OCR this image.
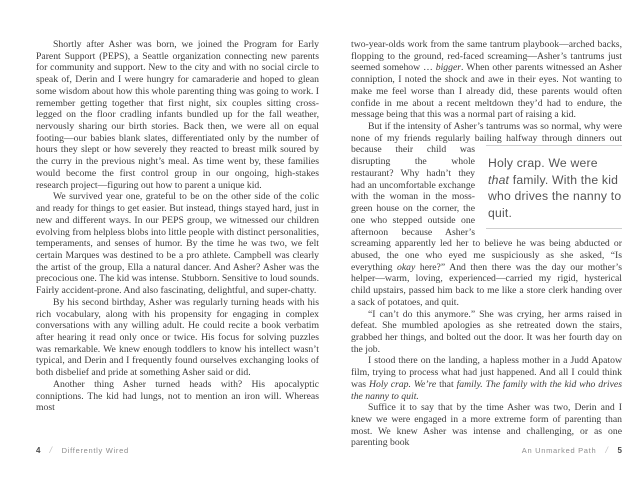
Shortly after Asher was born, we joined the Program for Early Parent Support (PEPS), a Seattle organization connecting new parents for community and support. New to the city and with no social circle to speak of, Derin and I were hungry for camaraderie and hoped to glean some wisdom about how this whole parenting thing was going to work. I remember getting together that first night, six couples sitting cross-legged on the floor cradling infants bundled up for the fall weather, nervously sharing our birth stories. Back then, we were all on equal footing—our babies blank slates, differentiated only by the number of hours they slept or how severely they reacted to breast milk soured by the curry in the previous night’s meal. As time went by, these families would become the first control group in our ongoing, high-stakes research project—figuring out how to parent a unique kid.

We survived year one, grateful to be on the other side of the colic and ready for things to get easier. But instead, things stayed hard, just in new and different ways. In our PEPS group, we witnessed our children evolving from helpless blobs into little people with distinct personalities, temperaments, and senses of humor. By the time he was two, we felt certain Marques was destined to be a pro athlete. Campbell was clearly the artist of the group, Ella a natural dancer. And Asher? Asher was the precocious one. The kid was intense. Stubborn. Sensitive to loud sounds. Fairly accident-prone. And also fascinating, delightful, and super-chatty.

By his second birthday, Asher was regularly turning heads with his rich vocabulary, along with his propensity for engaging in complex conversations with any willing adult. He could recite a book verbatim after hearing it read only once or twice. His focus for solving puzzles was remarkable. We knew enough toddlers to know his intellect wasn’t typical, and Derin and I frequently found ourselves exchanging looks of both disbelief and pride at something Asher said or did.

Another thing Asher turned heads with? His apocalyptic conniptions. The kid had lungs, not to mention an iron will. Whereas most

two-year-olds work from the same tantrum playbook—arched backs, flopping to the ground, red-faced screaming—Asher’s tantrums just seemed somehow … bigger. When other parents witnessed an Asher conniption, I noted the shock and awe in their eyes. Not wanting to make me feel worse than I already did, these parents would often confide in me about a recent meltdown they’d had to endure, the message being that this was a normal part of raising a kid.

But if the intensity of Asher’s tantrums was so normal, why were none of my friends regularly bailing halfway through dinners out
Holy crap. We were that family. With the kid who drives the nanny to quit.
because their child was disrupting the whole restaurant? Why hadn’t they had an uncomfortable exchange with the woman in the moss-green house on the corner, the one who stepped outside one afternoon because Asher’s screaming apparently led her to believe he was being abducted or abused, the one who eyed me suspiciously as she asked, “Is everything okay here?” And then there was the day our mother’s helper—warm, loving, experienced—carried my rigid, hysterical child upstairs, passed him back to me like a store clerk handing over a sack of potatoes, and quit.

“I can’t do this anymore.” She was crying, her arms raised in defeat. She mumbled apologies as she retreated down the stairs, grabbed her things, and bolted out the door. It was her fourth day on the job.

I stood there on the landing, a hapless mother in a Judd Apatow film, trying to process what had just happened. And all I could think was Holy crap. We’re that family. The family with the kid who drives the nanny to quit.

Suffice it to say that by the time Asher was two, Derin and I knew we were engaged in a more extreme form of parenting than most. We knew Asher was intense and challenging, or as one parenting book

4 / Differently Wired	An Unmarked Path / 5
